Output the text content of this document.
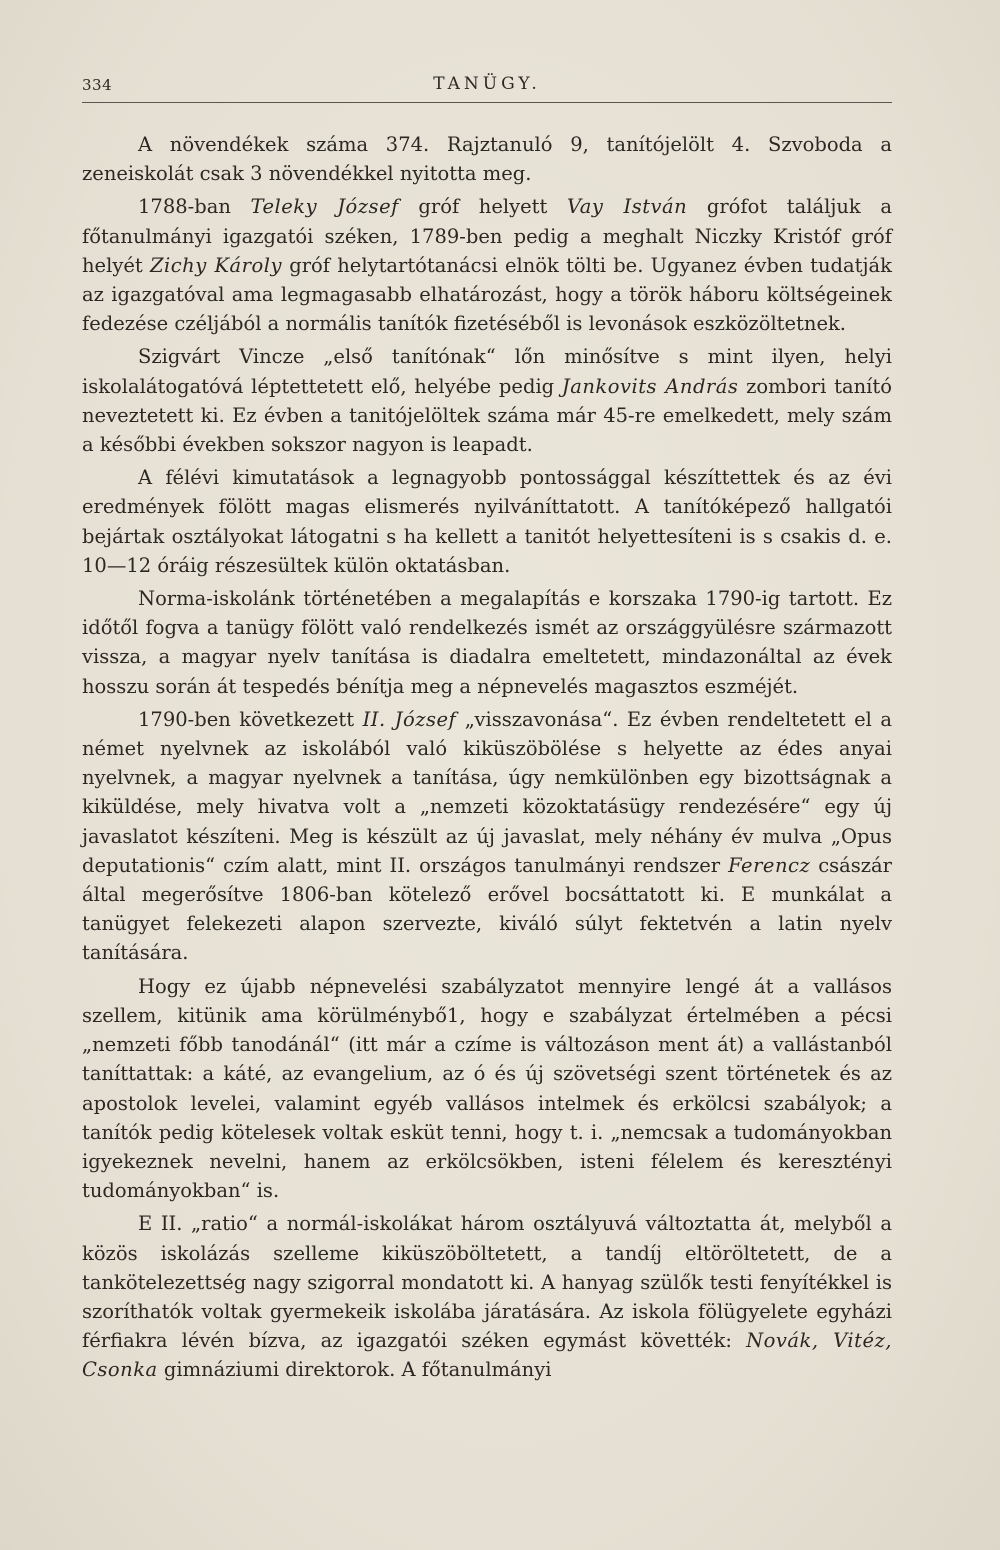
334	TANÜGY.

A növendékek száma 374. Rajztanuló 9, tanítójelölt 4. Szvoboda a zeneiskolát csak 3 növendékkel nyitotta meg.

1788-ban Teleky József gróf helyett Vay István grófot találjuk a főtanulmányi igazgatói széken, 1789-ben pedig a meghalt Niczky Kristóf gróf helyét Zichy Károly gróf helytartótanácsi elnök tölti be. Ugyanez évben tudatják az igazgatóval ama legmagasabb elhatározást, hogy a török háboru költségeinek fedezése czéljából a normális tanítók fizetéséből is levonások eszközöltetnek.

Szigvárt Vincze „első tanítónak“ lőn minősítve s mint ilyen, helyi iskolalátogatóvá léptettetett elő, helyébe pedig Jankovits András zombori tanító neveztetett ki. Ez évben a tanitójelöltek száma már 45-re emelkedett, mely szám a későbbi években sokszor nagyon is leapadt.

A félévi kimutatások a legnagyobb pontossággal készíttettek és az évi eredmények fölött magas elismerés nyilváníttatott. A tanítóképező hallgatói bejártak osztályokat látogatni s ha kellett a tanitót helyettesíteni is s csakis d. e. 10—12 óráig részesültek külön oktatásban.

Norma-iskolánk történetében a megalapítás e korszaka 1790-ig tartott. Ez időtől fogva a tanügy fölött való rendelkezés ismét az országgyülésre származott vissza, a magyar nyelv tanítása is diadalra emeltetett, mindazonáltal az évek hosszu során át tespedés bénítja meg a népnevelés magasztos eszméjét.

1790-ben következett II. József „visszavonása“. Ez évben rendeltetett el a német nyelvnek az iskolából való kiküszöbölése s helyette az édes anyai nyelvnek, a magyar nyelvnek a tanítása, úgy nemkülönben egy bizottságnak a kiküldése, mely hivatva volt a „nemzeti közoktatásügy rendezésére“ egy új javaslatot készíteni. Meg is készült az új javaslat, mely néhány év mulva „Opus deputationis“ czím alatt, mint II. országos tanulmányi rendszer Ferencz császár által megerősítve 1806-ban kötelező erővel bocsáttatott ki. E munkálat a tanügyet felekezeti alapon szervezte, kiváló súlyt fektetvén a latin nyelv tanítására.

Hogy ez újabb népnevelési szabályzatot mennyire lengé át a vallásos szellem, kitünik ama körülménybő1, hogy e szabályzat értelmében a pécsi „nemzeti főbb tanodánál“ (itt már a czíme is változáson ment át) a vallástanból taníttattak: a káté, az evangelium, az ó és új szövetségi szent történetek és az apostolok levelei, valamint egyéb vallásos intelmek és erkölcsi szabályok; a tanítók pedig kötelesek voltak esküt tenni, hogy t. i. „nemcsak a tudományokban igyekeznek nevelni, hanem az erkölcsökben, isteni félelem és keresztényi tudományokban“ is.

E II. „ratio“ a normál-iskolákat három osztályuvá változtatta át, melyből a közös iskolázás szelleme kiküszöböltetett, a tandíj eltöröltetett, de a tankötelezettség nagy szigorral mondatott ki. A hanyag szülők testi fenyítékkel is szoríthatók voltak gyermekeik iskolába járatására. Az iskola fölügyelete egyházi férfiakra lévén bízva, az igazgatói széken egymást követték: Novák, Vitéz, Csonka gimnáziumi direktorok. A főtanulmányi
